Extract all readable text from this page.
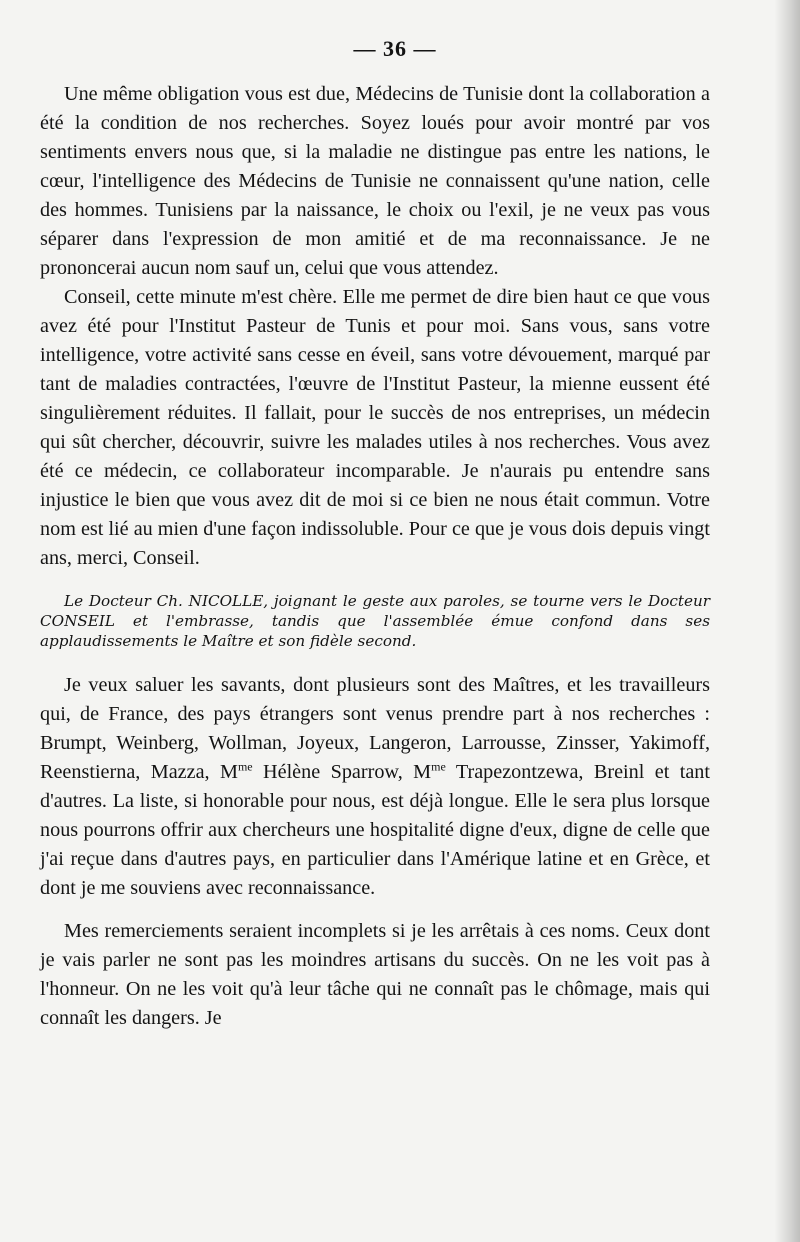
— 36 —

Une même obligation vous est due, Médecins de Tunisie dont la collaboration a été la condition de nos recherches. Soyez loués pour avoir montré par vos sentiments envers nous que, si la maladie ne distingue pas entre les nations, le cœur, l'intelligence des Médecins de Tunisie ne connaissent qu'une nation, celle des hommes. Tunisiens par la naissance, le choix ou l'exil, je ne veux pas vous séparer dans l'expression de mon amitié et de ma reconnaissance. Je ne prononcerai aucun nom sauf un, celui que vous attendez.

Conseil, cette minute m'est chère. Elle me permet de dire bien haut ce que vous avez été pour l'Institut Pasteur de Tunis et pour moi. Sans vous, sans votre intelligence, votre activité sans cesse en éveil, sans votre dévouement, marqué par tant de maladies contractées, l'œuvre de l'Institut Pasteur, la mienne eussent été singulièrement réduites. Il fallait, pour le succès de nos entreprises, un médecin qui sût chercher, découvrir, suivre les malades utiles à nos recherches. Vous avez été ce médecin, ce collaborateur incomparable. Je n'aurais pu entendre sans injustice le bien que vous avez dit de moi si ce bien ne nous était commun. Votre nom est lié au mien d'une façon indissoluble. Pour ce que je vous dois depuis vingt ans, merci, Conseil.

Le Docteur Ch. NICOLLE, joignant le geste aux paroles, se tourne vers le Docteur CONSEIL et l'embrasse, tandis que l'assemblée émue confond dans ses applaudissements le Maître et son fidèle second.

Je veux saluer les savants, dont plusieurs sont des Maîtres, et les travailleurs qui, de France, des pays étrangers sont venus prendre part à nos recherches : Brumpt, Weinberg, Wollman, Joyeux, Langeron, Larrousse, Zinsser, Yakimoff, Reenstierna, Mazza, $M^{me}$ Hélène Sparrow, $M^{me}$ Trapezontzewa, Breinl et tant d'autres. La liste, si honorable pour nous, est déjà longue. Elle le sera plus lorsque nous pourrons offrir aux chercheurs une hospitalité digne d'eux, digne de celle que j'ai reçue dans d'autres pays, en particulier dans l'Amérique latine et en Grèce, et dont je me souviens avec reconnaissance.

Mes remerciements seraient incomplets si je les arrêtais à ces noms. Ceux dont je vais parler ne sont pas les moindres artisans du succès. On ne les voit pas à l'honneur. On ne les voit qu'à leur tâche qui ne connaît pas le chômage, mais qui connaît les dangers. Je
